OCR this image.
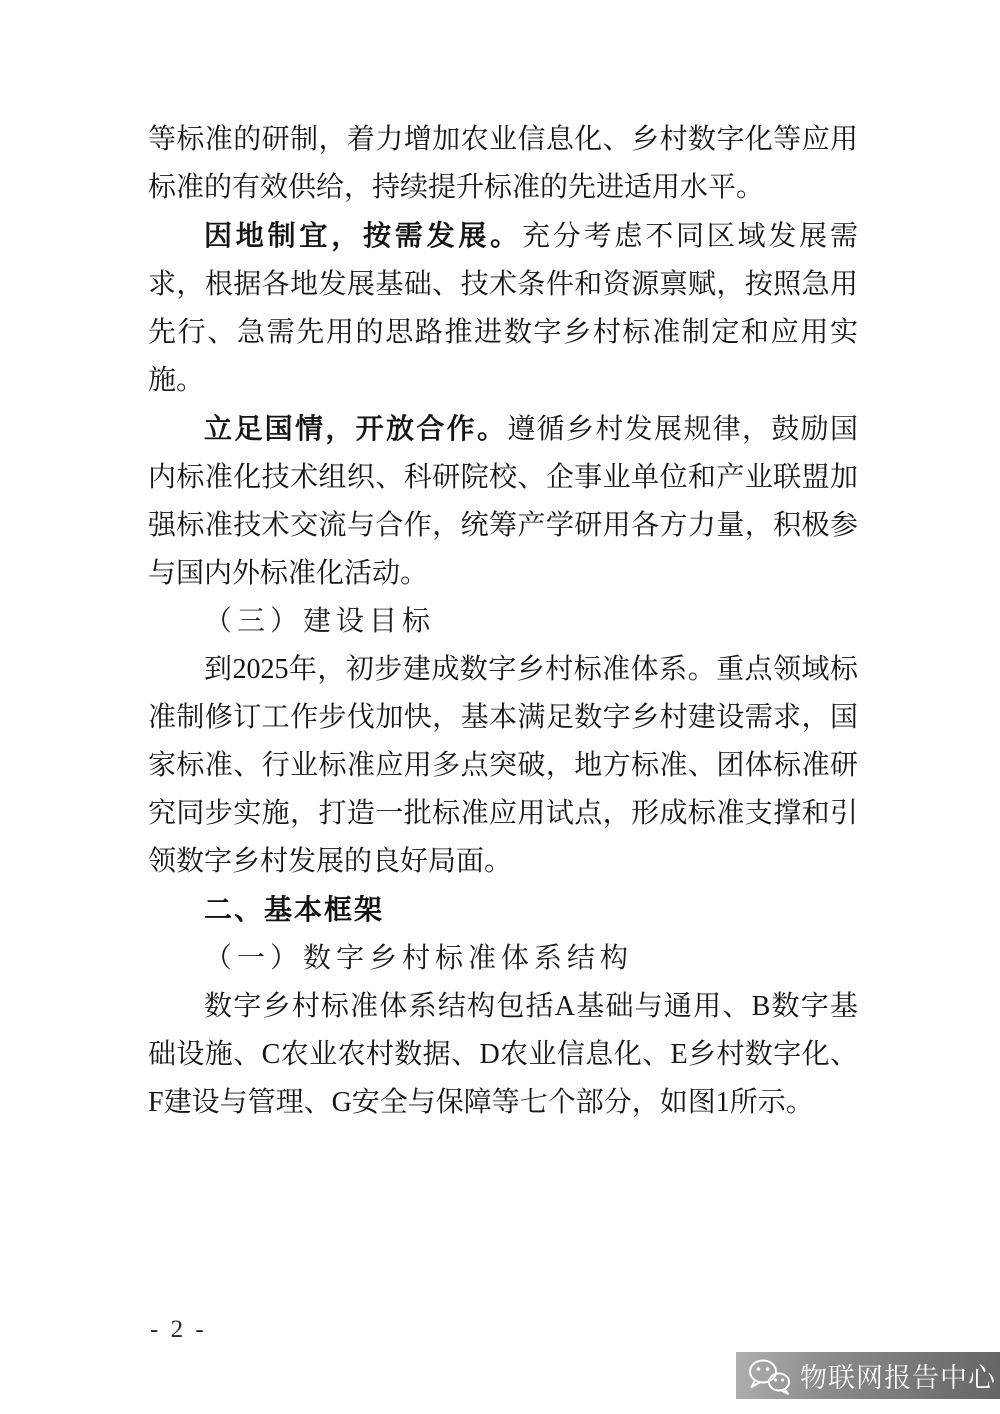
等标准的研制，着力增加农业信息化、乡村数字化等应用标准的有效供给，持续提升标准的先进适用水平。

因地制宜，按需发展。充分考虑不同区域发展需求，根据各地发展基础、技术条件和资源禀赋，按照急用先行、急需先用的思路推进数字乡村标准制定和应用实施。

立足国情，开放合作。遵循乡村发展规律，鼓励国内标准化技术组织、科研院校、企事业单位和产业联盟加强标准技术交流与合作，统筹产学研用各方力量，积极参与国内外标准化活动。

（三）建设目标

到2025年，初步建成数字乡村标准体系。重点领域标准制修订工作步伐加快，基本满足数字乡村建设需求，国家标准、行业标准应用多点突破，地方标准、团体标准研究同步实施，打造一批标准应用试点，形成标准支撑和引领数字乡村发展的良好局面。

二、基本框架

（一）数字乡村标准体系结构

数字乡村标准体系结构包括A基础与通用、B数字基础设施、C农业农村数据、D农业信息化、E乡村数字化、F建设与管理、G安全与保障等七个部分，如图1所示。

- 2 -
物联网报告中心
